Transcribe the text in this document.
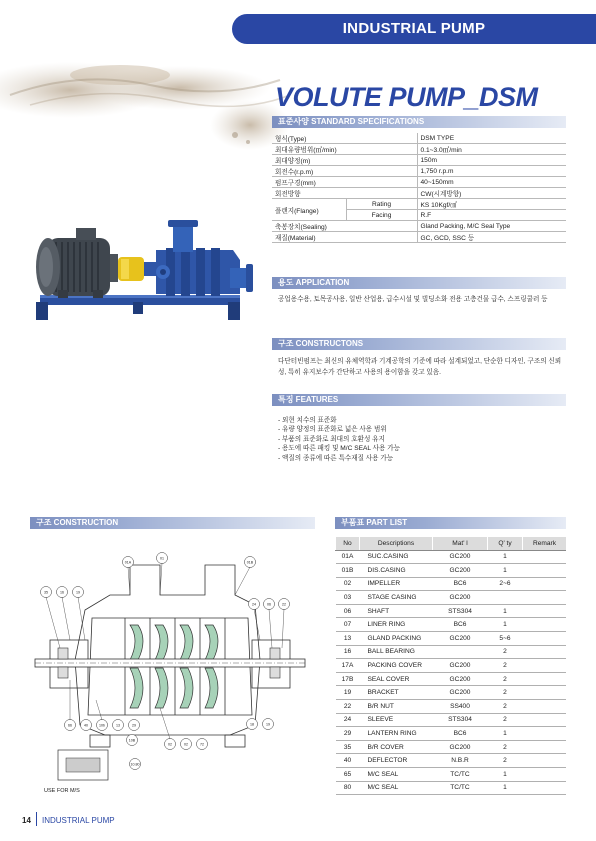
INDUSTRIAL PUMP
VOLUTE PUMP_DSM
표준사양 STANDARD SPECIFICATIONS
형식(Type)		DSM TYPE
최대유량범위(㎥/min)		0.1~3.0㎥/min
최대양정(m)		150m
회전수(r.p.m)		1,750 r.p.m
펌프구경(mm)		40~150mm
회전방향		CW(시계방향)
플랜지(Flange)	Rating	KS 10Kgf/㎠
	Facing	R.F
축봉장치(Sealing)		Gland Packing, M/C Seal Type
재질(Material)		GC, GCD, SSC 등
용도 APPLICATION
공업용수용, 토목공사용, 일반 산업용, 급수시설 및 빌딩소화 전용 고층건물 급수, 스프링쿨러 등
구조 CONSTRUCTONS
다단터빈펌프는 최신의 유체역학과 기계공학의 기준에 따라 설계되었고, 단순한 디자인, 구조의 신뢰성, 특히 유지보수가 간단하고 사용의 용이함을 갖고 있음.
특징 FEATURES
- 외현 치수의 표준화
- 유량 양정의 표준화로 넓은 사용 범위
- 부품의 표준화로 최대의 호환성 유지
- 용도에 따른 패킹 및 M/C SEAL 사용 가능
- 액질의 종류에 따른 특수재질 사용 가능
구조 CONSTRUCTION
01A
01
01B
35	16	19
24	06	22
66	40	10b	13	29
10B
02	02	72
18	19
10.80
USE FOR M/S
부품표 PART LIST
No	Descriptions	Mat' l	Q' ty	Remark
01A	SUC.CASING	GC200	1	
01B	DIS.CASING	GC200	1	
02	IMPELLER	BC6	2~6	
03	STAGE CASING	GC200		
06	SHAFT	STS304	1	
07	LINER RING	BC6	1	
13	GLAND PACKING	GC200	5~6	
16	BALL BEARING		2	
17A	PACKING COVER	GC200	2	
17B	SEAL COVER	GC200	2	
19	BRACKET	GC200	2	
22	B/R NUT	SS400	2	
24	SLEEVE	STS304	2	
29	LANTERN RING	BC6	1	
35	B/R COVER	GC200	2	
40	DEFLECTOR	N.B.R	2	
65	M/C SEAL	TC/TC	1	
80	M/C SEAL	TC/TC	1	
14 INDUSTRIAL PUMP
